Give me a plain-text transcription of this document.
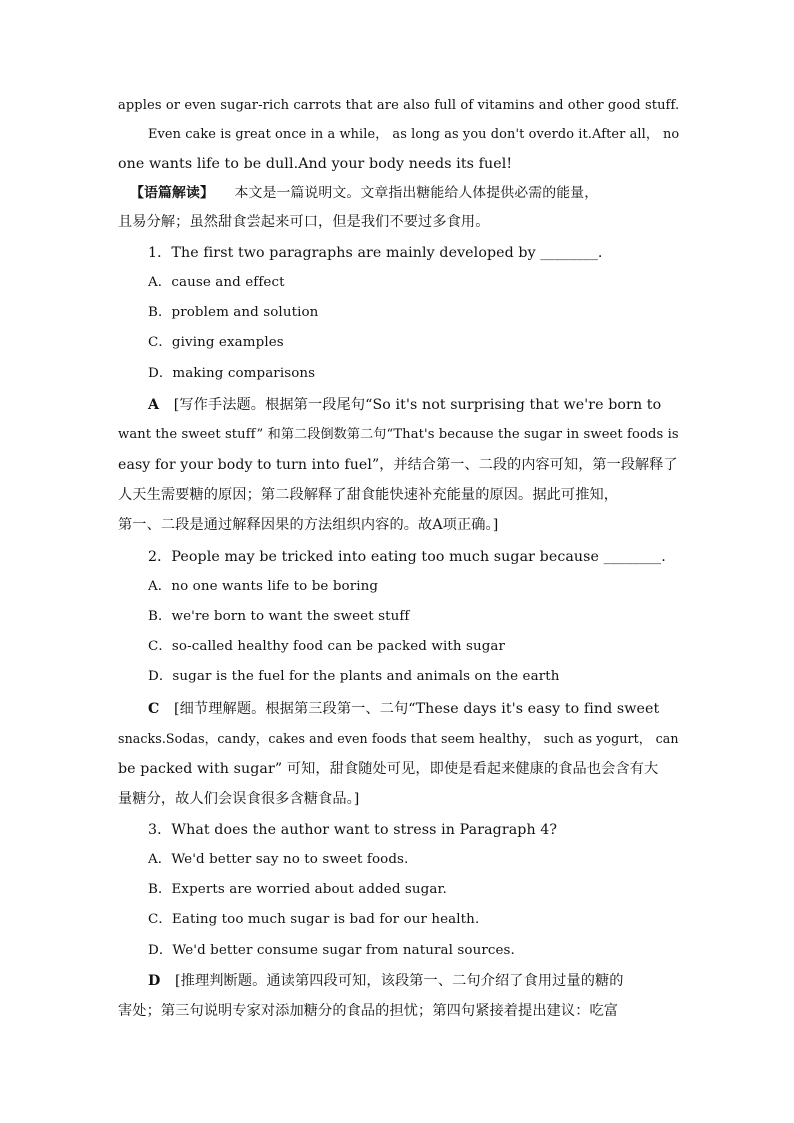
apples or even sugar-rich carrots that are also full of vitamins and other good stuff.
Even cake is great once in a while， as long as you don't overdo it.After all， no
one wants life to be dull.And your body needs its fuel!
【语篇解读】 本文是一篇说明文。文章指出糖能给人体提供必需的能量，
且易分解；虽然甜食尝起来可口，但是我们不要过多食用。
1．The first two paragraphs are mainly developed by ________.
A．cause and effect
B．problem and solution
C．giving examples
D．making comparisons
A [写作手法题。根据第一段尾句“So it's not surprising that we're born to
want the sweet stuff” 和第二段倒数第二句“That's because the sugar in sweet foods is
easy for your body to turn into fuel”，并结合第一、二段的内容可知，第一段解释了
人天生需要糖的原因；第二段解释了甜食能快速补充能量的原因。据此可推知，
第一、二段是通过解释因果的方法组织内容的。故A项正确。]
2．People may be tricked into eating too much sugar because ________.
A．no one wants life to be boring
B．we're born to want the sweet stuff
C．so-called healthy food can be packed with sugar
D．sugar is the fuel for the plants and animals on the earth
C [细节理解题。根据第三段第一、二句“These days it's easy to find sweet
snacks.Sodas，candy，cakes and even foods that seem healthy， such as yogurt， can
be packed with sugar” 可知，甜食随处可见，即使是看起来健康的食品也会含有大
量糖分，故人们会误食很多含糖食品。]
3．What does the author want to stress in Paragraph 4?
A．We'd better say no to sweet foods.
B．Experts are worried about added sugar.
C．Eating too much sugar is bad for our health.
D．We'd better consume sugar from natural sources.
D [推理判断题。通读第四段可知，该段第一、二句介绍了食用过量的糖的
害处；第三句说明专家对添加糖分的食品的担忧；第四句紧接着提出建议：吃富
